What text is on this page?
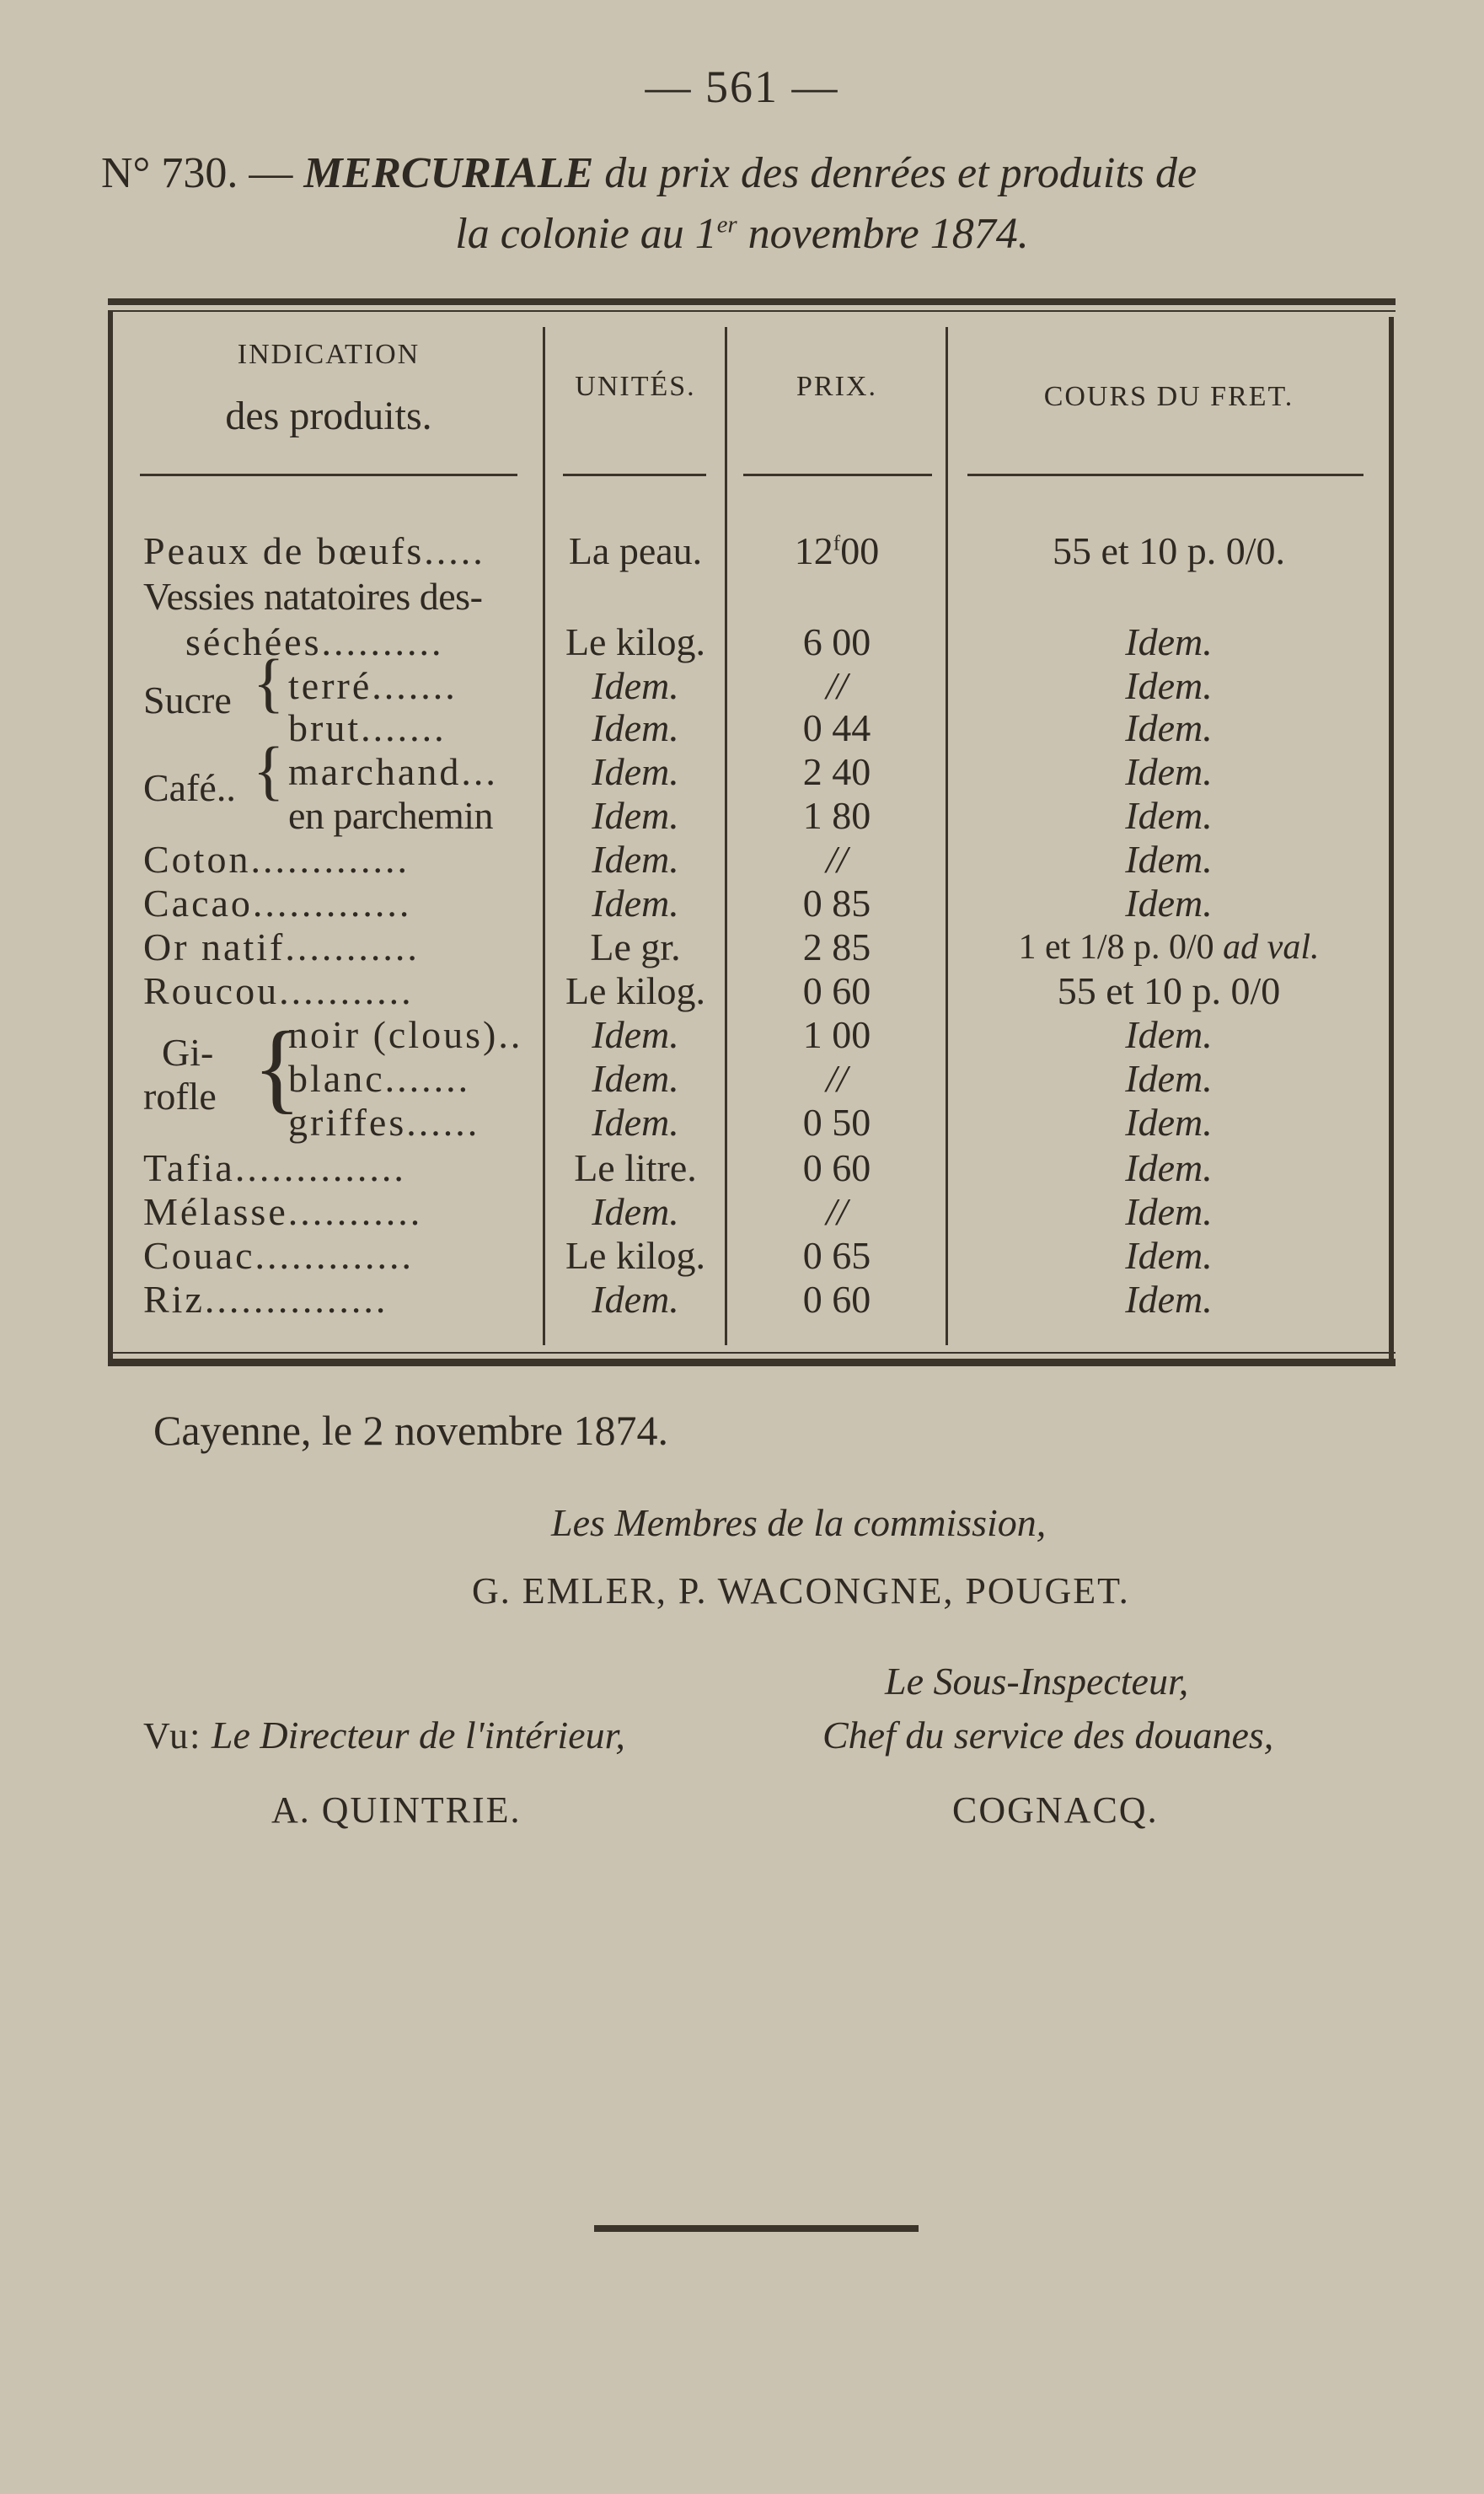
— 561 —
N° 730. — MERCURIALE du prix des denrées et produits de
la colonie au 1er novembre 1874.
INDICATION
des produits.
UNITÉS.	PRIX.	COURS DU FRET.
Peaux de bœufs.....	La peau.	12$^f$00	55 et 10 p. 0/0.
Vessies natatoires des-
séchées..........	Le kilog.	6 00	Idem.
Sucre { terré.......	Idem.	//	Idem.
brut.......	Idem.	0 44	Idem.
Café.. { marchand...	Idem.	2 40	Idem.
en parchemin	Idem.	1 80	Idem.
Coton.............	Idem.	//	Idem.
Cacao.............	Idem.	0 85	Idem.
Or natif...........	Le gr.	2 85	1 et 1/8 p. 0/0 ad val.
Roucou...........	Le kilog.	0 60	55 et 10 p. 0/0
Gi-
rofle {
noir (clous)..	Idem.	1 00	Idem.
blanc.......	Idem.	//	Idem.
griffes......	Idem.	0 50	Idem.
Tafia..............	Le litre.	0 60	Idem.
Mélasse...........	Idem.	//	Idem.
Couac.............	Le kilog.	0 65	Idem.
Riz...............	Idem.	0 60	Idem.
Cayenne, le 2 novembre 1874.
Les Membres de la commission,
G. EMLER, P. WACONGNE, POUGET.
Le Sous-Inspecteur,
Vu: Le Directeur de l'intérieur,	Chef du service des douanes,
A. QUINTRIE.	COGNACQ.
